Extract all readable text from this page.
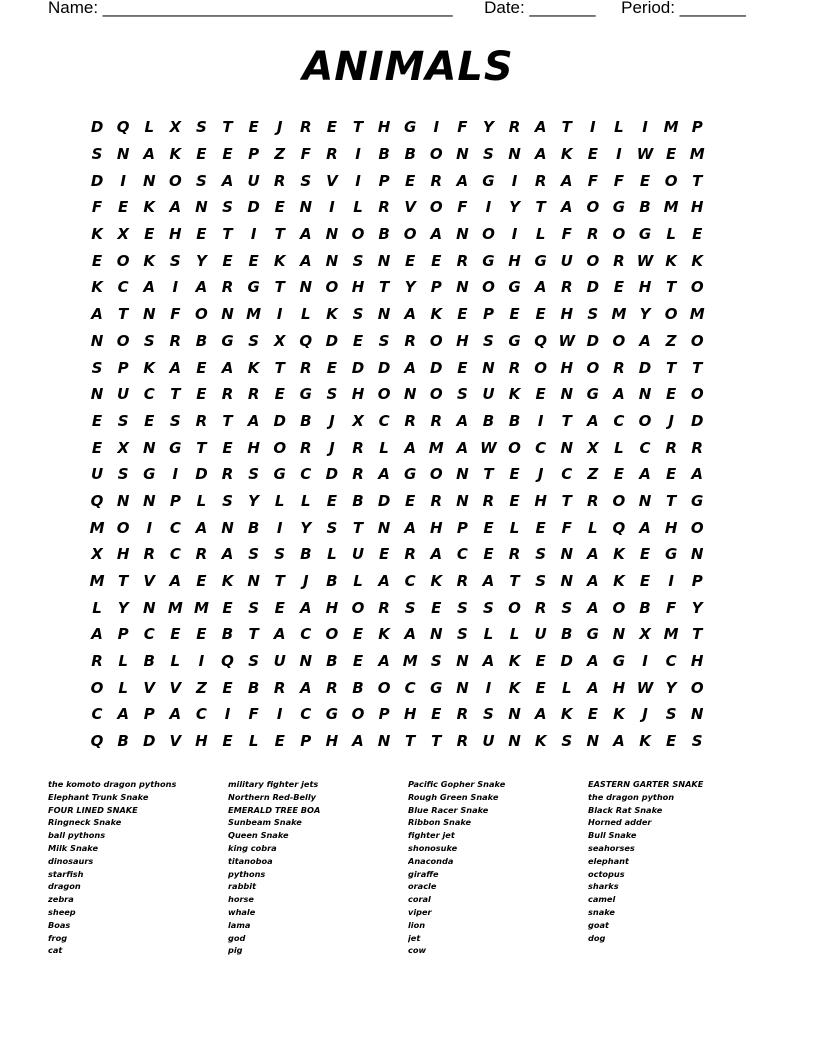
Name: _____________________________________ Date: _______ Period: _______
ANIMALS
D Q L	X S	T	E	J	R	E	T H G	I	F	Y R A	T	I	L	I	M P
S N A K	E	E	P	Z	F	R	I	B B O N S N A K	E	I	W E M
D	I	N O S A U R S V	I	P	E	R A G	I	R A	F	F	E O T
F	E	K A N S D E N	I	L	R V O F	I	Y	T	A O G B M H
K X	E H E	T	I	T	A N O B O A N O	I	L	F	R O G	L	E
E O K S	Y	E	E	K A N S N E	E	R G H G U O R W K K
K C A	I	A R G T N O H T	Y	P N O G A R D E H T O
A	T N F O N M	I	L	K S N A K	E	P	E	E H S M Y O M
N O S R B G S X Q D E	S R O H S G Q W D O A Z O
S	P K A	E	A K	T	R	E D D A D E N R O H O R D T	T
N U C	T	E	R R	E G S H O N O S U K	E N G A N E O
E	S	E	S R	T	A D B	J	X C R R A B B	I	T	A C O	J	D
E	X N G T	E H O R	J	R	L	A M A W O C N X	L	C R R
U S G	I	D R S G C D R A G O N T	E	J	C	Z	E	A	E	A
Q N N P	L	S	Y	L	L	E	B D E	R N R	E H T	R O N T G
M O	I	C A N B	I	Y	S	T N A H P	E	L	E	F	L Q A H O
X H R C R A S	S B	L	U E	R A C	E	R S N A K	E G N
M T	V A	E	K N T	J	B	L	A C K R A	T	S N A K	E	I	P
L	Y N M M E	S	E	A H O R S	E	S	S O R S A O B	F	Y
A P	C	E	E	B	T	A C O E	K A N S	L	L	U B G N X M T
R	L	B	L	I	Q S U N B	E	A M S N A K	E D A G	I	C H
O L	V V Z	E	B R A R B O C G N	I	K	E	L	A H W Y O
C A P A C	I	F	I	C G O P H E	R S N A K	E	K	J	S N
Q B D V H E	L	E	P H A N T	T	R U N K S N A K	E	S
the komoto dragon pythons
Elephant Trunk Snake
FOUR LINED SNAKE
Ringneck Snake
ball pythons
Milk Snake
dinosaurs
starfish
dragon
zebra
sheep
Boas
frog
cat
military fighter jets
Northern Red-Belly
EMERALD TREE BOA
Sunbeam Snake
Queen Snake
king cobra
titanoboa
pythons
rabbit
horse
whale
lama
god
pig
Pacific Gopher Snake
Rough Green Snake
Blue Racer Snake
Ribbon Snake
fighter jet
shonosuke
Anaconda
giraffe
oracle
coral
viper
lion
jet
cow
EASTERN GARTER SNAKE
the dragon python
Black Rat Snake
Horned adder
Bull Snake
seahorses
elephant
octopus
sharks
camel
snake
goat
dog
